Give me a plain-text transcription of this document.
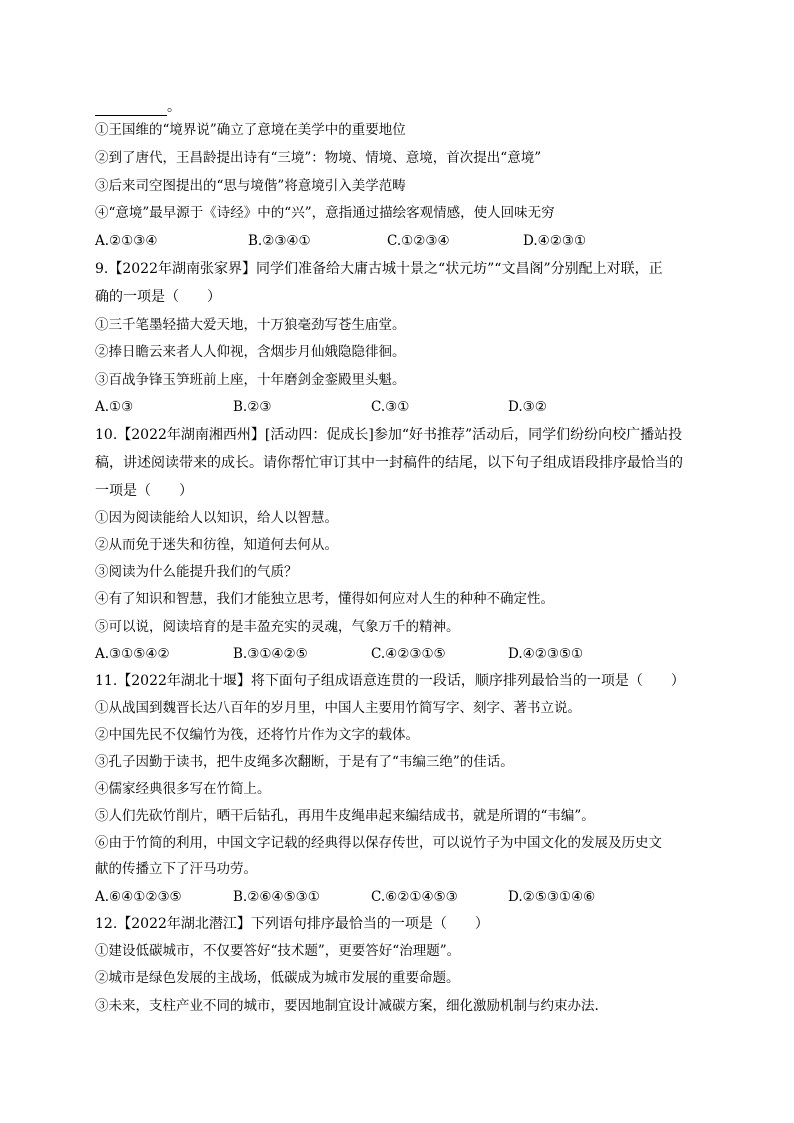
。
①王国维的“境界说”确立了意境在美学中的重要地位
②到了唐代，王昌龄提出诗有“三境”：物境、情境、意境，首次提出“意境”
③后来司空图提出的“思与境偕”将意境引入美学范畴
④“意境”最早源于《诗经》中的“兴”，意指通过描绘客观情感，使人回味无穷
A.②①③④	B.②③④①	C.①②③④	D.④②③①
9.【2022年湖南张家界】同学们准备给大庸古城十景之“状元坊”“文昌阁”分别配上对联，正
确的一项是（　　）
①三千笔墨轻描大爱天地，十万狼毫劲写苍生庙堂。
②捧日瞻云来者人人仰视，含烟步月仙娥隐隐徘徊。
③百战争锋玉笋班前上座，十年磨剑金銮殿里头魁。
A.①③	B.②③	C.③①	D.③②
10.【2022年湖南湘西州】[活动四：促成长]参加“好书推荐”活动后，同学们纷纷向校广播站投
稿，讲述阅读带来的成长。请你帮忙审订其中一封稿件的结尾，以下句子组成语段排序最恰当的
一项是（　　）
①因为阅读能给人以知识，给人以智慧。
②从而免于迷失和彷徨，知道何去何从。
③阅读为什么能提升我们的气质？
④有了知识和智慧，我们才能独立思考，懂得如何应对人生的种种不确定性。
⑤可以说，阅读培育的是丰盈充实的灵魂，气象万千的精神。
A.③①⑤④②	B.③①④②⑤	C.④②③①⑤	D.④②③⑤①
11.【2022年湖北十堰】将下面句子组成语意连贯的一段话，顺序排列最恰当的一项是（　　）
①从战国到魏晋长达八百年的岁月里，中国人主要用竹简写字、刻字、著书立说。
②中国先民不仅编竹为筏，还将竹片作为文字的载体。
③孔子因勤于读书，把牛皮绳多次翻断，于是有了“韦编三绝”的佳话。
④儒家经典很多写在竹简上。
⑤人们先砍竹削片，晒干后钻孔，再用牛皮绳串起来编结成书，就是所谓的“韦编”。
⑥由于竹简的利用，中国文字记载的经典得以保存传世，可以说竹子为中国文化的发展及历史文
献的传播立下了汗马功劳。
A.⑥④①②③⑤	B.②⑥④⑤③①	C.⑥②①④⑤③	D.②⑤③①④⑥
12.【2022年湖北潜江】下列语句排序最恰当的一项是（　　）
①建设低碳城市，不仅要答好“技术题”，更要答好“治理题”。
②城市是绿色发展的主战场，低碳成为城市发展的重要命题。
③未来，支柱产业不同的城市，要因地制宜设计减碳方案，细化激励机制与约束办法.
